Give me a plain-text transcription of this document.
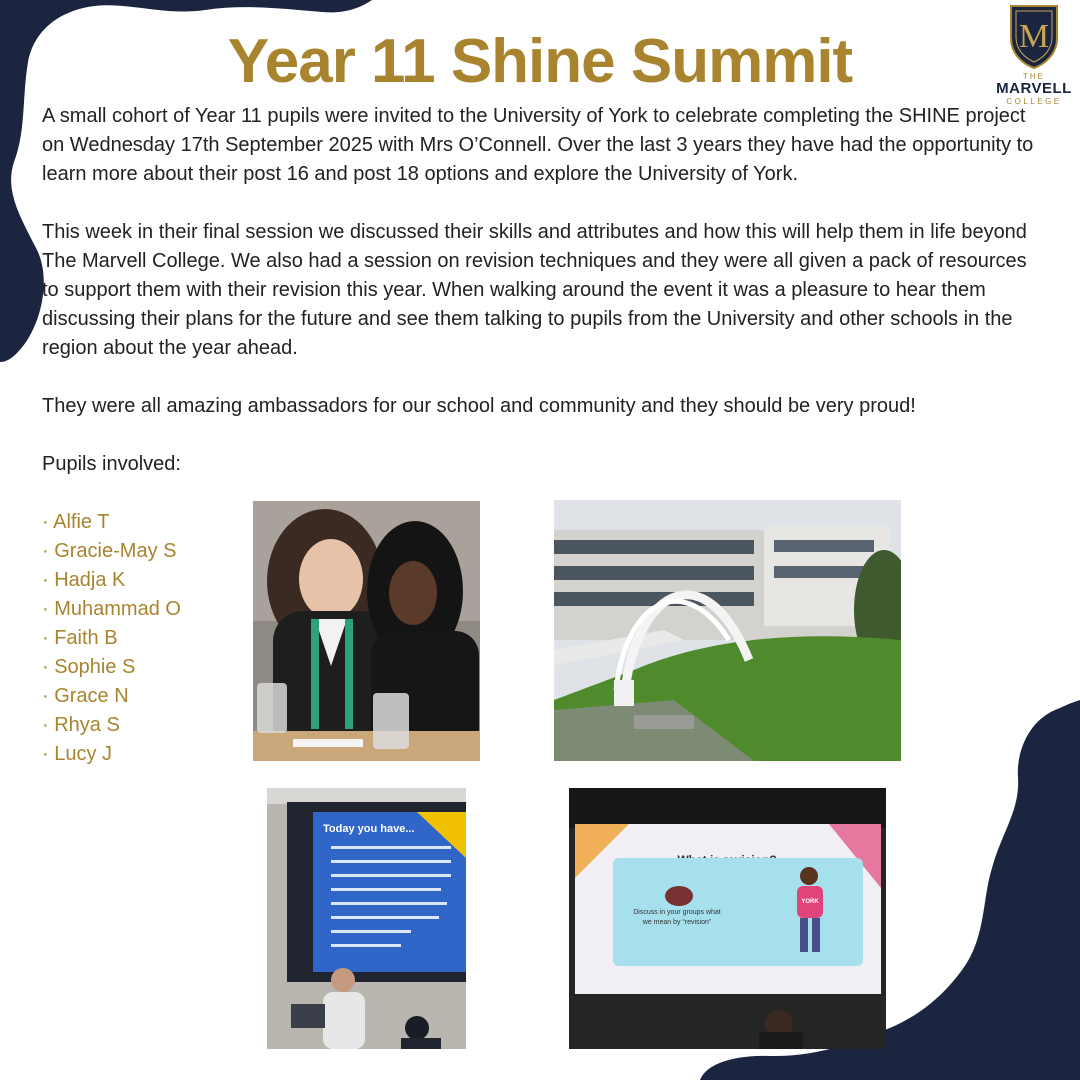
M
THE
MARVELL
COLLEGE
Year 11 Shine Summit

A small cohort of Year 11 pupils were invited to the University of York to celebrate completing the SHINE project on Wednesday 17th September 2025 with Mrs O’Connell. Over the last 3 years they have had the opportunity to learn more about their post 16 and post 18 options and explore the University of York.

This week in their final session we discussed their skills and attributes and how this will help them in life beyond The Marvell College. We also had a session on revision techniques and they were all given a pack of resources to support them with their revision this year. When walking around the event it was a pleasure to hear them discussing their plans for the future and see them talking to pupils from the University and other schools in the region about the year ahead.

They were all amazing ambassadors for our school and community and they should be very proud!

Pupils involved:

· Alfie T
· Gracie-May S
· Hadja K
· Muhammad O
· Faith B
· Sophie S
· Grace N
· Rhya S
· Lucy J
Today you have...
Discuss in your groups what
we mean by “revision”
YORK
